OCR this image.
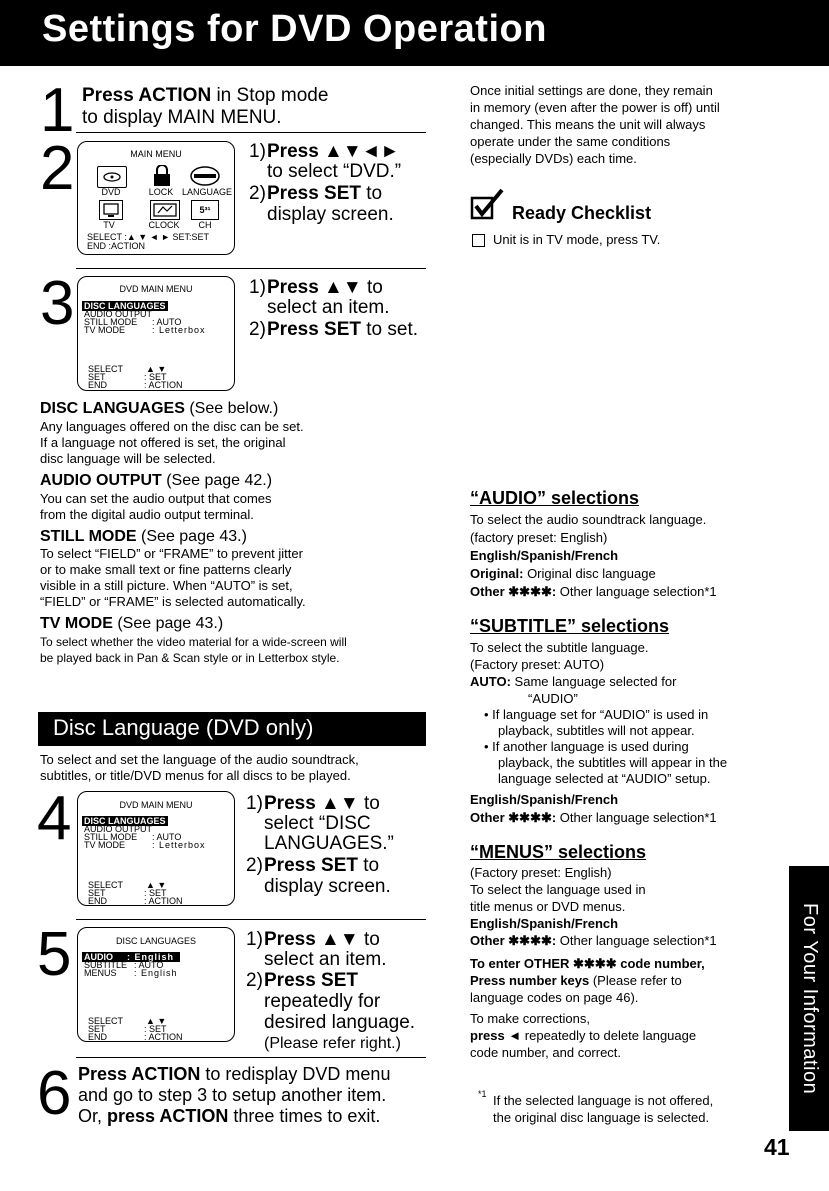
Settings for DVD Operation
1 Press ACTION in Stop mode
to display MAIN MENU.
2	MAIN MENU
DVD	LOCK LANGUAGE
5³¹
TV	CLOCK	CH
SELECT :▲ ▼ ◄ ► SET:SET
END :ACTION
1) Press ▲▼◄►
to select “DVD.”
2) Press SET to
display screen.
3	DVD MAIN MENU
DISC LANGUAGES
AUDIO OUTPUT
STILL MODE : AUTO
TV MODE	: Letterbox
SELECT	▲ ▼
SET	: SET
END	: ACTION
1) Press ▲▼ to
select an item.
2) Press SET to set.
DISC LANGUAGES (See below.)
Any languages offered on the disc can be set.
If a language not offered is set, the original
disc language will be selected.
AUDIO OUTPUT (See page 42.)
You can set the audio output that comes
from the digital audio output terminal.
STILL MODE (See page 43.)
To select “FIELD” or “FRAME” to prevent jitter
or to make small text or fine patterns clearly
visible in a still picture. When “AUTO” is set,
“FIELD” or “FRAME” is selected automatically.
TV MODE (See page 43.)
To select whether the video material for a wide-screen will
be played back in Pan & Scan style or in Letterbox style.
Disc Language (DVD only)
To select and set the language of the audio soundtrack,
subtitles, or title/DVD menus for all discs to be played.
4	DVD MAIN MENU
DISC LANGUAGES
AUDIO OUTPUT
STILL MODE : AUTO
TV MODE	: Letterbox
SELECT	▲ ▼
SET	: SET
END	: ACTION
1) Press ▲▼ to
select “DISC
LANGUAGES.”
2) Press SET to
display screen.
5	DISC LANGUAGES
AUDIO : English
SUBTITLE : AUTO
MENUS : English
SELECT	▲ ▼
SET	: SET
END	: ACTION
1) Press ▲▼ to
select an item.
2) Press SET
repeatedly for
desired language.
(Please refer right.)
6 Press ACTION to redisplay DVD menu
and go to step 3 to setup another item.
Or, press ACTION three times to exit.
Once initial settings are done, they remain
in memory (even after the power is off) until
changed. This means the unit will always
operate under the same conditions
(especially DVDs) each time.
Ready Checklist
Unit is in TV mode, press TV.
“AUDIO” selections
To select the audio soundtrack language.
(factory preset: English)
English/Spanish/French
Original: Original disc language
Other ✱✱✱✱: Other language selection*1
“SUBTITLE” selections
To select the subtitle language.
(Factory preset: AUTO)
AUTO: Same language selected for
“AUDIO”
• If language set for “AUDIO” is used in
playback, subtitles will not appear.
• If another language is used during
playback, the subtitles will appear in the
language selected at “AUDIO” setup.
English/Spanish/French
Other ✱✱✱✱: Other language selection*1
“MENUS” selections
(Factory preset: English)
To select the language used in
title menus or DVD menus.
English/Spanish/French
Other ✱✱✱✱: Other language selection*1
To enter OTHER ✱✱✱✱ code number,
Press number keys (Please refer to
language codes on page 46).
To make corrections,
press ◄ repeatedly to delete language
code number, and correct.
*1 If the selected language is not offered,
the original disc language is selected.
For Your Information
41
